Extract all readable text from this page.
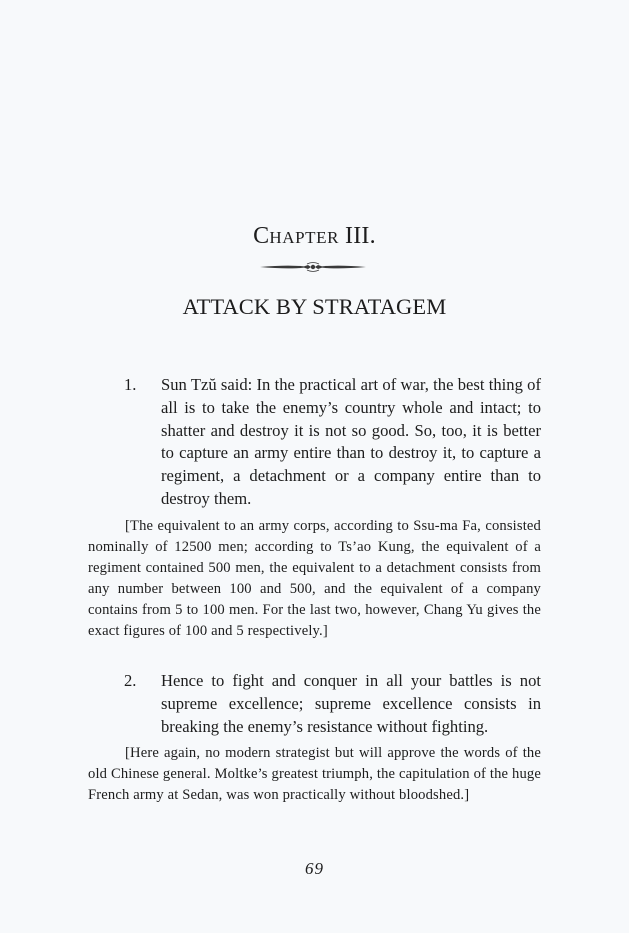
CHAPTER III.
ATTACK BY STRATAGEM
1. Sun Tzŭ said: In the practical art of war, the best thing of all is to take the enemy’s country whole and intact; to shatter and destroy it is not so good. So, too, it is better to capture an army entire than to destroy it, to capture a regiment, a detachment or a company entire than to destroy them.
[The equivalent to an army corps, according to Ssu-ma Fa, consisted nominally of 12500 men; according to Ts’ao Kung, the equivalent of a regiment contained 500 men, the equivalent to a detachment consists from any number between 100 and 500, and the equivalent of a company contains from 5 to 100 men. For the last two, however, Chang Yu gives the exact figures of 100 and 5 respectively.]
2. Hence to fight and conquer in all your battles is not supreme excellence; supreme excellence consists in breaking the enemy’s resistance without fighting.
[Here again, no modern strategist but will approve the words of the old Chinese general. Moltke’s greatest triumph, the capitulation of the huge French army at Sedan, was won practically without bloodshed.]
69
